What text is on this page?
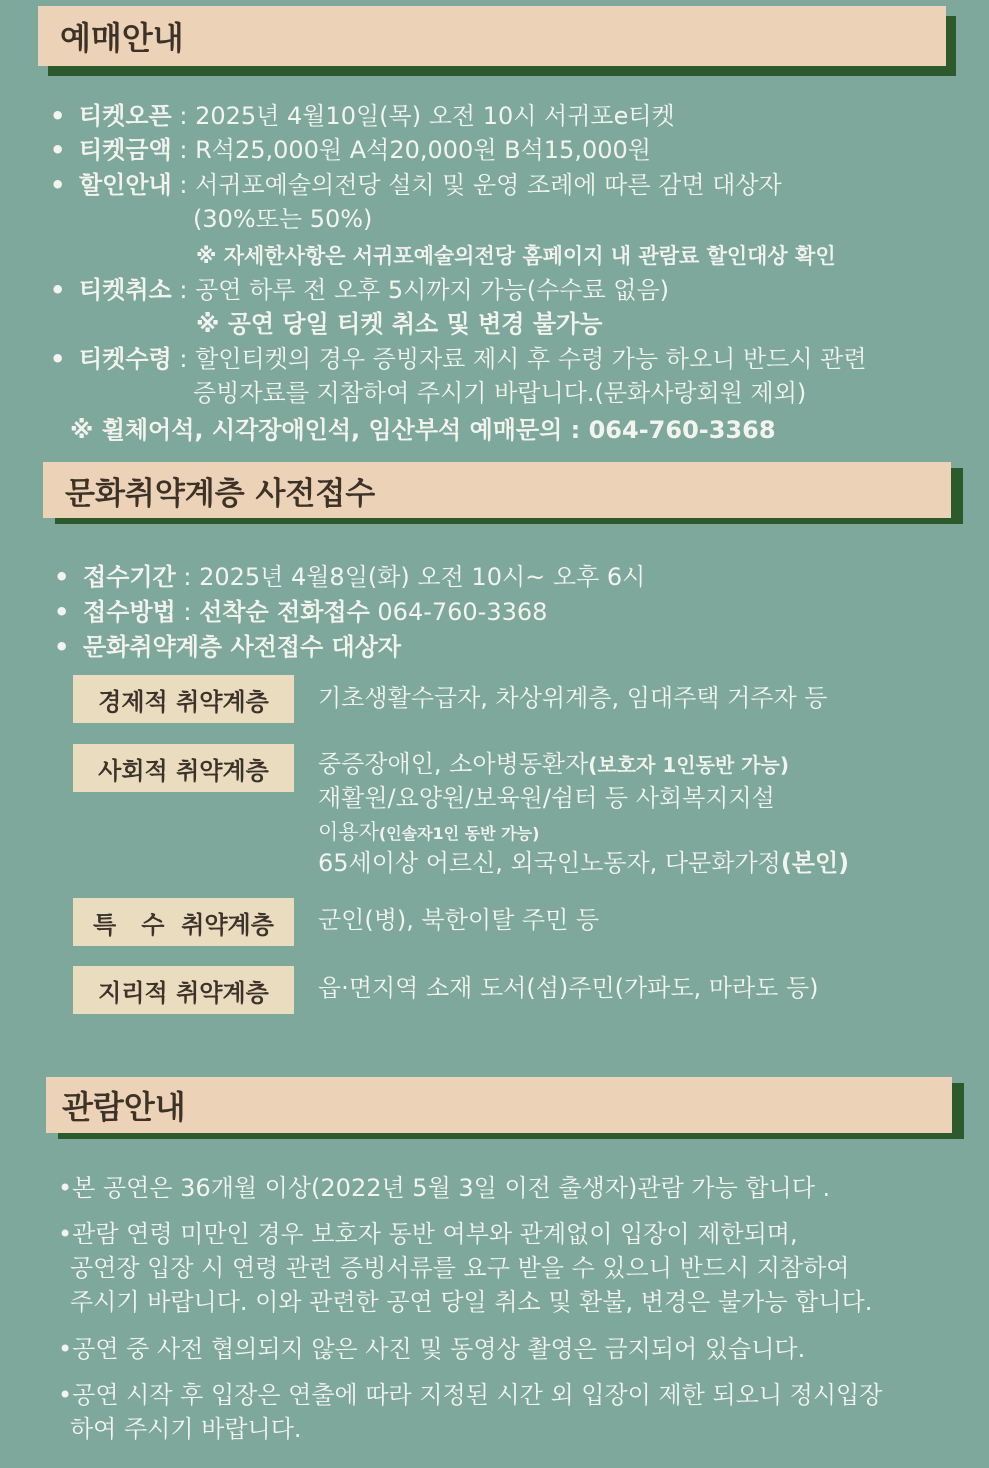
예매안내
• 티켓오픈 : 2025년 4월10일(목) 오전 10시 서귀포e티켓
• 티켓금액 : R석25,000원 A석20,000원 B석15,000원
• 할인안내 : 서귀포예술의전당 설치 및 운영 조례에 따른 감면 대상자
(30%또는 50%)
※ 자세한사항은 서귀포예술의전당 홈페이지 내 관람료 할인대상 확인
• 티켓취소 : 공연 하루 전 오후 5시까지 가능(수수료 없음)
※ 공연 당일 티켓 취소 및 변경 불가능
• 티켓수령 : 할인티켓의 경우 증빙자료 제시 후 수령 가능 하오니 반드시 관련
증빙자료를 지참하여 주시기 바랍니다.(문화사랑회원 제외)
※ 휠체어석, 시각장애인석, 임산부석 예매문의 : 064-760-3368
문화취약계층 사전접수
• 접수기간 : 2025년 4월8일(화) 오전 10시~ 오후 6시
• 접수방법 : 선착순 전화접수 064-760-3368
• 문화취약계층 사전접수 대상자
경제적 취약계층	기초생활수급자, 차상위계층, 임대주택 거주자 등
사회적 취약계층	중증장애인, 소아병동환자(보호자 1인동반 가능)
재활원/요양원/보육원/쉼터 등 사회복지지설
이용자(인솔자1인 동반 가능)
65세이상 어르신, 외국인노동자, 다문화가정(본인)
특   수  취약계층	군인(병), 북한이탈 주민 등
지리적 취약계층	읍·면지역 소재 도서(섬)주민(가파도, 마라도 등)
관람안내
•본 공연은 36개월 이상(2022년 5월 3일 이전 출생자)관람 가능 합니다 .
•관람 연령 미만인 경우 보호자 동반 여부와 관계없이 입장이 제한되며,
공연장 입장 시 연령 관련 증빙서류를 요구 받을 수 있으니 반드시 지참하여
주시기 바랍니다. 이와 관련한 공연 당일 취소 및 환불, 변경은 불가능 합니다.
•공연 중 사전 협의되지 않은 사진 및 동영상 촬영은 금지되어 있습니다.
•공연 시작 후 입장은 연출에 따라 지정된 시간 외 입장이 제한 되오니 정시입장
하여 주시기 바랍니다.
